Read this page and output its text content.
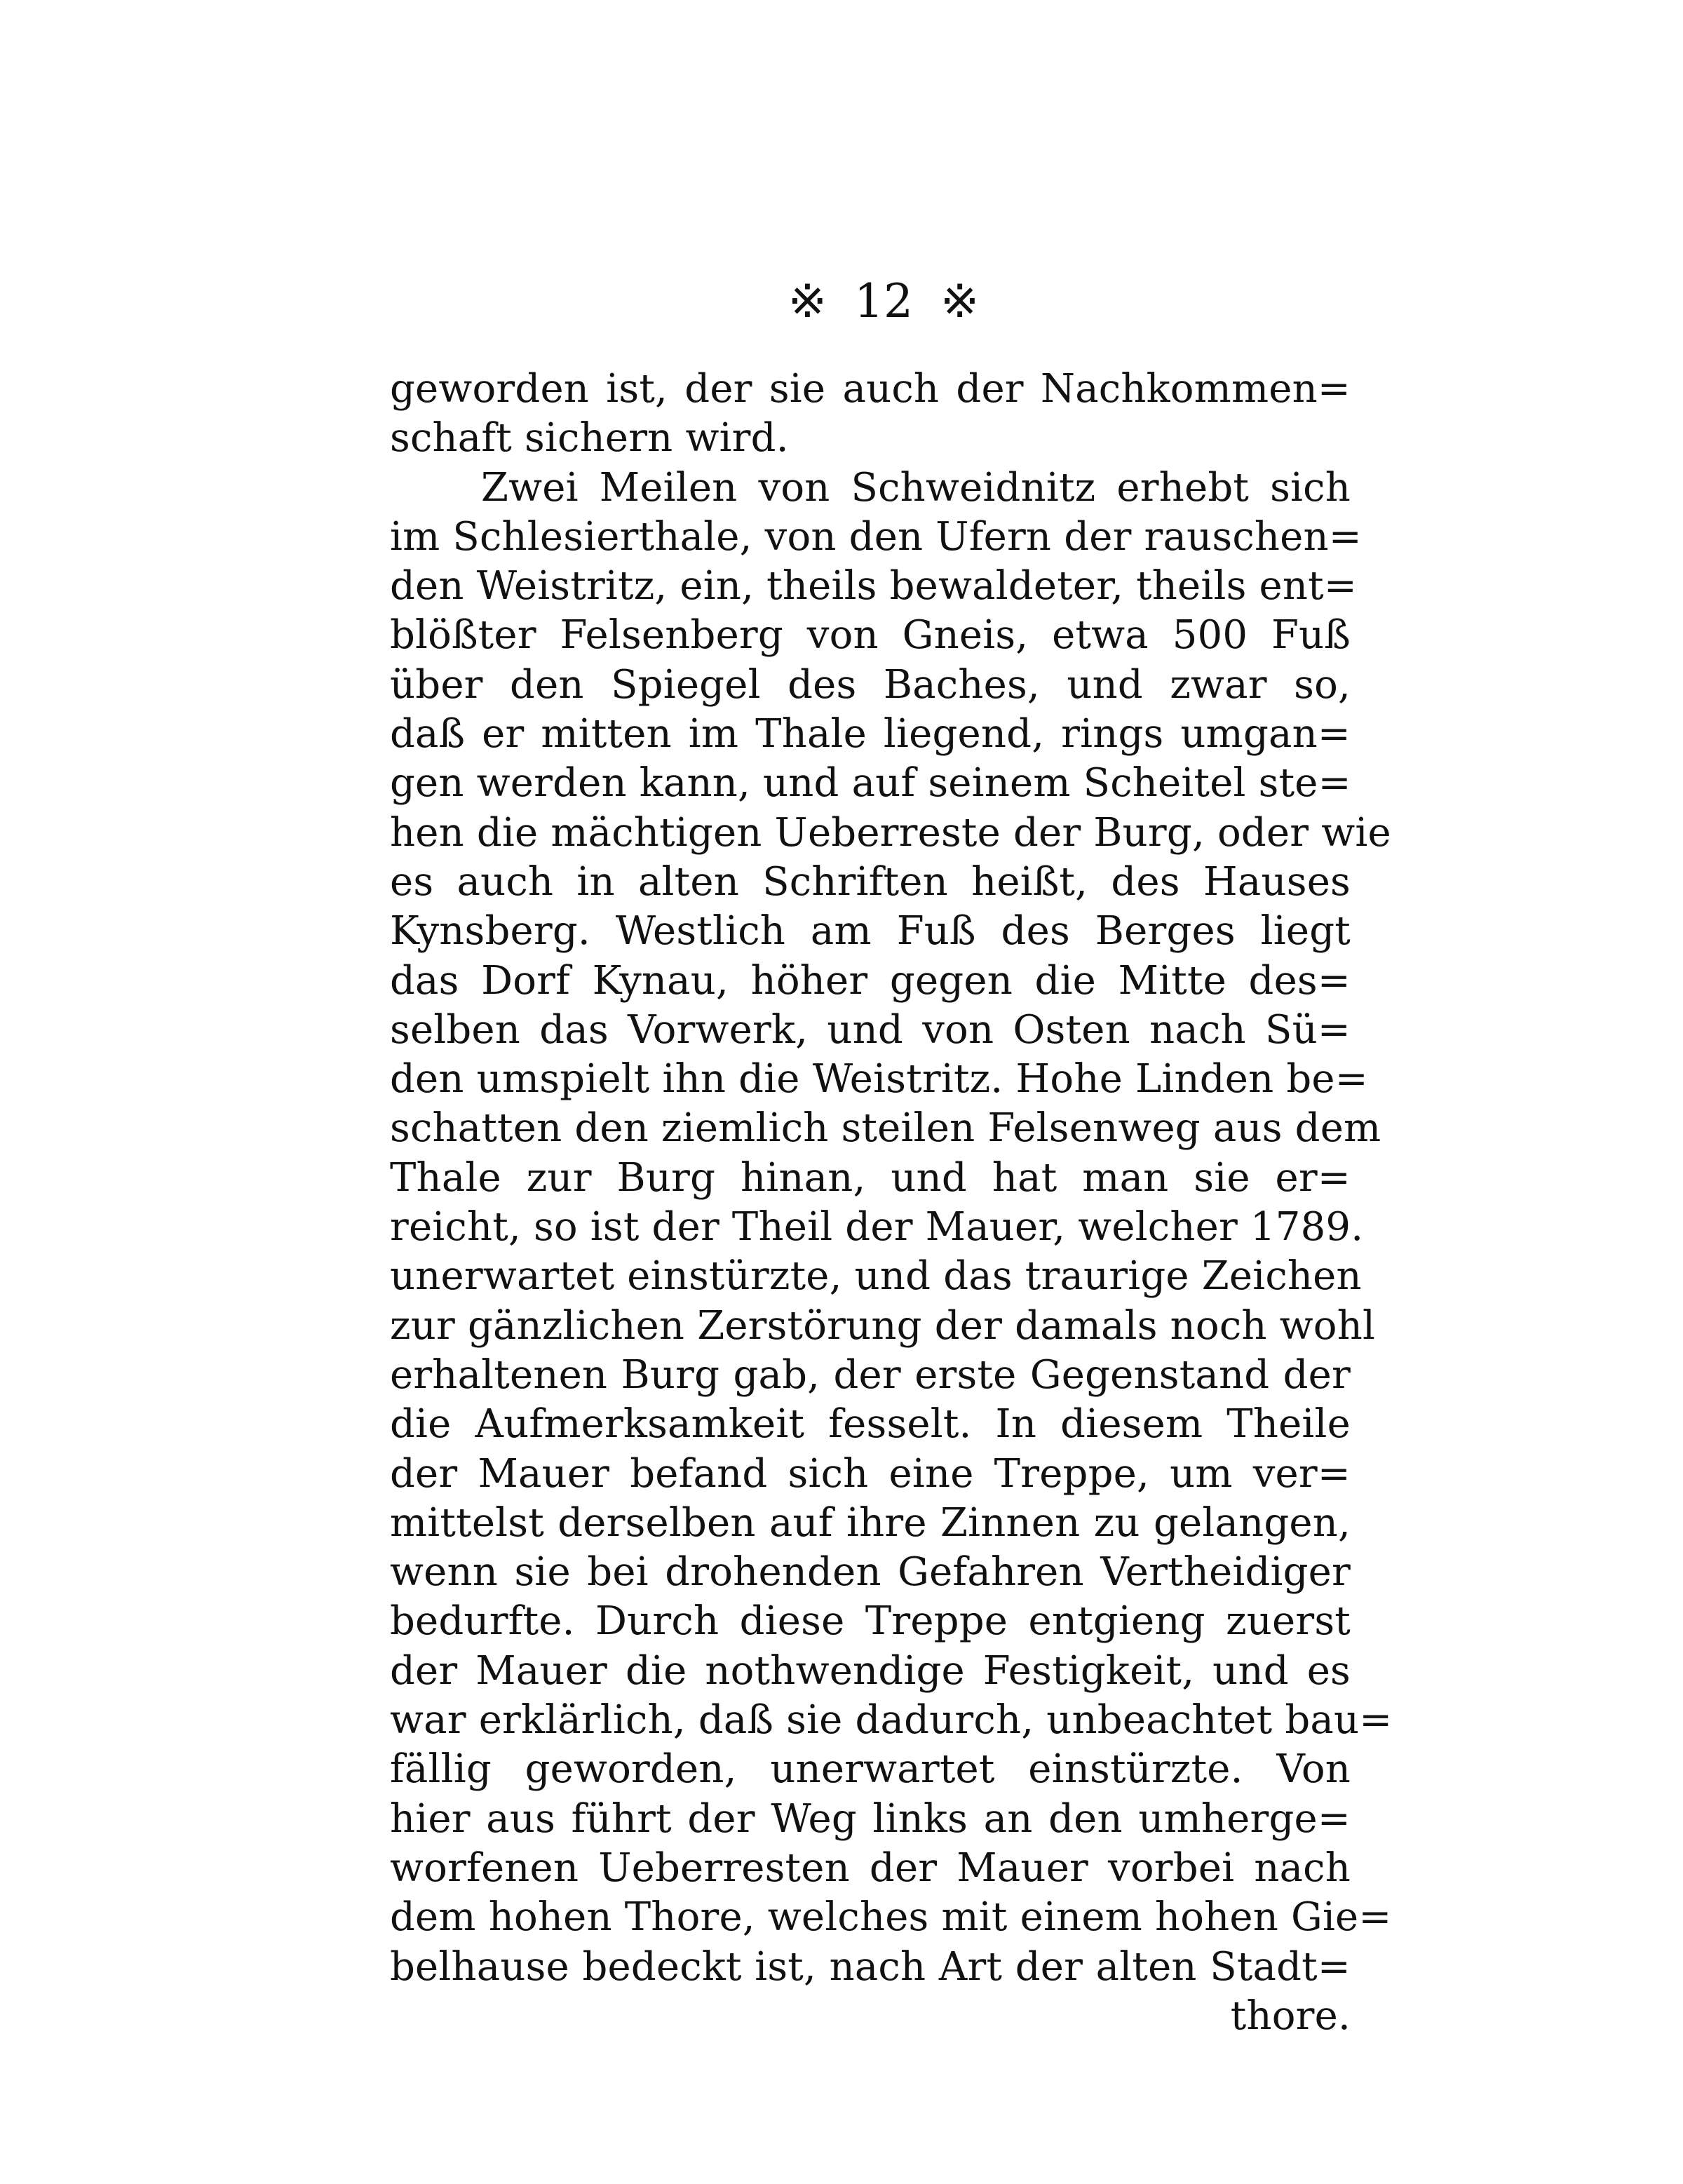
※ 12 ※
geworden ist, der sie auch der Nachkommen=
schaft sichern wird.
Zwei Meilen von Schweidnitz erhebt sich
im Schlesierthale, von den Ufern der rauschen=
den Weistritz, ein, theils bewaldeter, theils ent=
blößter Felsenberg von Gneis, etwa 500 Fuß
über den Spiegel des Baches, und zwar so,
daß er mitten im Thale liegend, rings umgan=
gen werden kann, und auf seinem Scheitel ste=
hen die mächtigen Ueberreste der Burg, oder wie
es auch in alten Schriften heißt, des Hauses
Kynsberg. Westlich am Fuß des Berges liegt
das Dorf Kynau, höher gegen die Mitte des=
selben das Vorwerk, und von Osten nach Sü=
den umspielt ihn die Weistritz. Hohe Linden be=
schatten den ziemlich steilen Felsenweg aus dem
Thale zur Burg hinan, und hat man sie er=
reicht, so ist der Theil der Mauer, welcher 1789.
unerwartet einstürzte, und das traurige Zeichen
zur gänzlichen Zerstörung der damals noch wohl
erhaltenen Burg gab, der erste Gegenstand der
die Aufmerksamkeit fesselt. In diesem Theile
der Mauer befand sich eine Treppe, um ver=
mittelst derselben auf ihre Zinnen zu gelangen,
wenn sie bei drohenden Gefahren Vertheidiger
bedurfte. Durch diese Treppe entgieng zuerst
der Mauer die nothwendige Festigkeit, und es
war erklärlich, daß sie dadurch, unbeachtet bau=
fällig geworden, unerwartet einstürzte. Von
hier aus führt der Weg links an den umherge=
worfenen Ueberresten der Mauer vorbei nach
dem hohen Thore, welches mit einem hohen Gie=
belhause bedeckt ist, nach Art der alten Stadt=
thore.
